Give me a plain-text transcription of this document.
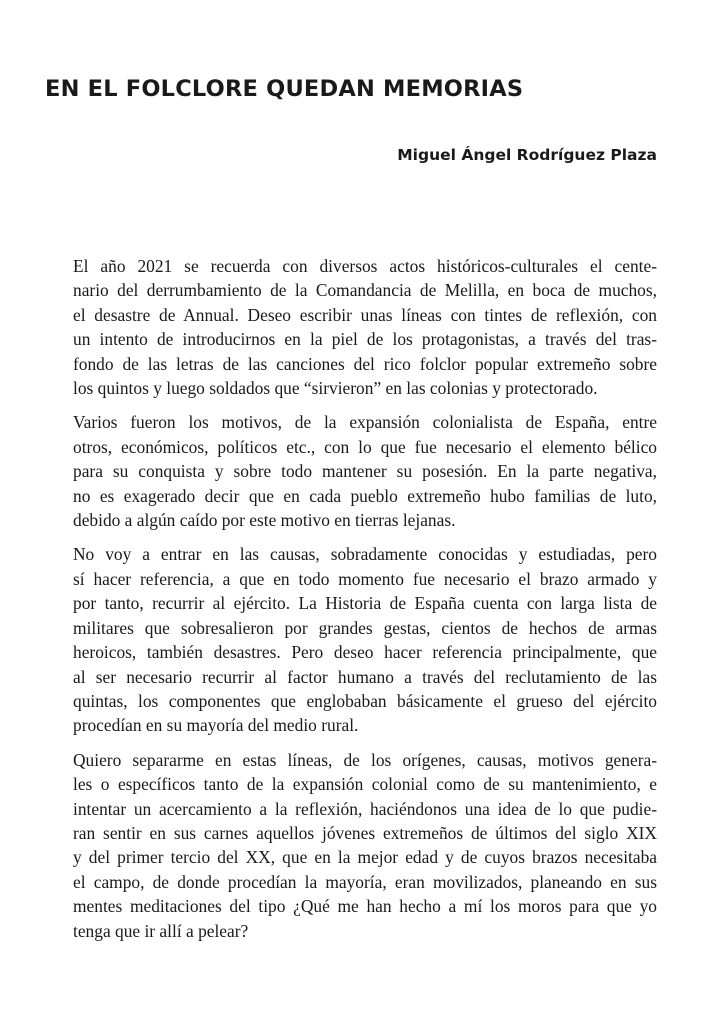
EN EL FOLCLORE QUEDAN MEMORIAS
Miguel Ángel Rodríguez Plaza

El año 2021 se recuerda con diversos actos históricos-culturales el cente-
nario del derrumbamiento de la Comandancia de Melilla, en boca de muchos,
el desastre de Annual. Deseo escribir unas líneas con tintes de reflexión, con
un intento de introducirnos en la piel de los protagonistas, a través del tras-
fondo de las letras de las canciones del rico folclor popular extremeño sobre
los quintos y luego soldados que “sirvieron” en las colonias y protectorado.

Varios fueron los motivos, de la expansión colonialista de España, entre
otros, económicos, políticos etc., con lo que fue necesario el elemento bélico
para su conquista y sobre todo mantener su posesión. En la parte negativa,
no es exagerado decir que en cada pueblo extremeño hubo familias de luto,
debido a algún caído por este motivo en tierras lejanas.

No voy a entrar en las causas, sobradamente conocidas y estudiadas, pero
sí hacer referencia, a que en todo momento fue necesario el brazo armado y
por tanto, recurrir al ejército. La Historia de España cuenta con larga lista de
militares que sobresalieron por grandes gestas, cientos de hechos de armas
heroicos, también desastres. Pero deseo hacer referencia principalmente, que
al ser necesario recurrir al factor humano a través del reclutamiento de las
quintas, los componentes que englobaban básicamente el grueso del ejército
procedían en su mayoría del medio rural.

Quiero separarme en estas líneas, de los orígenes, causas, motivos genera-
les o específicos tanto de la expansión colonial como de su mantenimiento, e
intentar un acercamiento a la reflexión, haciéndonos una idea de lo que pudie-
ran sentir en sus carnes aquellos jóvenes extremeños de últimos del siglo XIX
y del primer tercio del XX, que en la mejor edad y de cuyos brazos necesitaba
el campo, de donde procedían la mayoría, eran movilizados, planeando en sus
mentes meditaciones del tipo ¿Qué me han hecho a mí los moros para que yo
tenga que ir allí a pelear?
